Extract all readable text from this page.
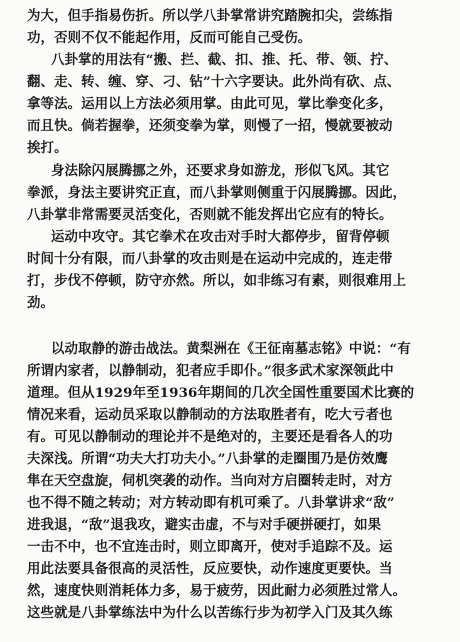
为大，但手指易伤折。所以学八卦掌常讲究踏腕扣尖，尝练指
功，否则不仅不能起作用，反而可能自己受伤。
八卦掌的用法有“搬、拦、截、扣、推、托、带、领、拧、
翻、走、转、缠、穿、刁、钻”十六字要诀。此外尚有砍、点、
拿等法。运用以上方法必须用掌。由此可见，掌比拳变化多，
而且快。倘若握拳，还须变拳为掌，则慢了一招，慢就要被动
挨打。
身法除闪展腾挪之外，还要求身如游龙，形似飞风。其它
拳派，身法主要讲究正直，而八卦掌则侧重于闪展腾挪。因此，
八卦掌非常需要灵活变化，否则就不能发挥出它应有的特长。
运动中攻守。其它拳术在攻击对手时大都停步，留背停顿
时间十分有限，而八卦掌的攻击则是在运动中完成的，连走带
打，步伐不停顿，防守亦然。所以，如非练习有素，则很难用上
劲。
以动取静的游击战法。黄梨洲在《王征南墓志铭》中说：“有
所谓内家者，以静制动，犯者应手即仆。”很多武术家深领此中
道理。但从1929年至1936年期间的几次全国性重要国术比赛的
情况来看，运动员采取以静制动的方法取胜者有，吃大亏者也
有。可见以静制动的理论并不是绝对的，主要还是看各人的功
夫深浅。所谓“功夫大打功夫小。”八卦掌的走圈围乃是仿效鹰
隼在天空盘旋，伺机突袭的动作。当向对方启圈转走时，对方
也不得不随之转动；对方转动即有机可乘了。八卦掌讲求“敌”
进我退，“敌”退我攻，避实击虚，不与对手硬拼硬打，如果
一击不中，也不宜连击时，则立即离开，使对手追踪不及。运
用此法要具备很高的灵活性，反应要快，动作速度更要快。当
然，速度快则消耗体力多，易于疲劳，因此耐力必须胜过常人。
这些就是八卦掌练法中为什么以苦练行步为初学入门及其久练
